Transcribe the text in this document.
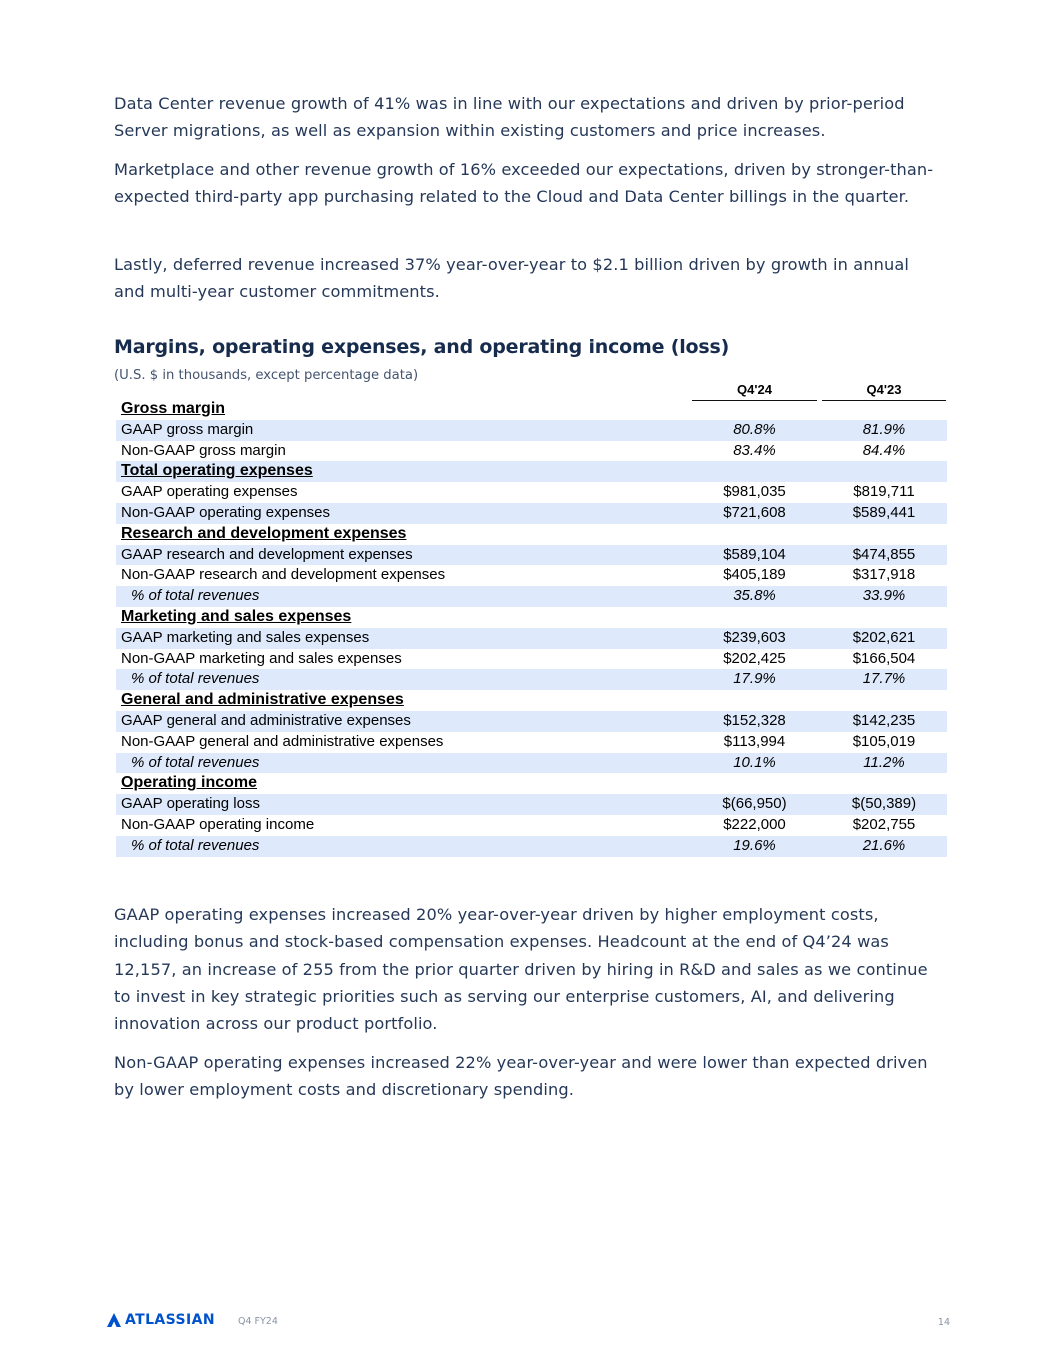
Data Center revenue growth of 41% was in line with our expectations and driven by prior-period Server migrations, as well as expansion within existing customers and price increases.

Marketplace and other revenue growth of 16% exceeded our expectations, driven by stronger-than-expected third-party app purchasing related to the Cloud and Data Center billings in the quarter.

Lastly, deferred revenue increased 37% year-over-year to $2.1 billion driven by growth in annual and multi-year customer commitments.

Margins, operating expenses, and operating income (loss)

(U.S. $ in thousands, except percentage data)

Q4'24	Q4'23
Gross margin
GAAP gross margin	80.8%	81.9%
Non-GAAP gross margin	83.4%	84.4%
Total operating expenses
GAAP operating expenses	$981,035	$819,711
Non-GAAP operating expenses	$721,608	$589,441
Research and development expenses
GAAP research and development expenses	$589,104	$474,855
Non-GAAP research and development expenses	$405,189	$317,918
% of total revenues	35.8%	33.9%
Marketing and sales expenses
GAAP marketing and sales expenses	$239,603	$202,621
Non-GAAP marketing and sales expenses	$202,425	$166,504
% of total revenues	17.9%	17.7%
General and administrative expenses
GAAP general and administrative expenses	$152,328	$142,235
Non-GAAP general and administrative expenses	$113,994	$105,019
% of total revenues	10.1%	11.2%
Operating income
GAAP operating loss	$(66,950)	$(50,389)
Non-GAAP operating income	$222,000	$202,755
% of total revenues	19.6%	21.6%

GAAP operating expenses increased 20% year-over-year driven by higher employment costs, including bonus and stock-based compensation expenses. Headcount at the end of Q4’24 was 12,157, an increase of 255 from the prior quarter driven by hiring in R&D and sales as we continue to invest in key strategic priorities such as serving our enterprise customers, AI, and delivering innovation across our product portfolio.

Non-GAAP operating expenses increased 22% year-over-year and were lower than expected driven by lower employment costs and discretionary spending.

ATLASSIAN Q4 FY24	14
